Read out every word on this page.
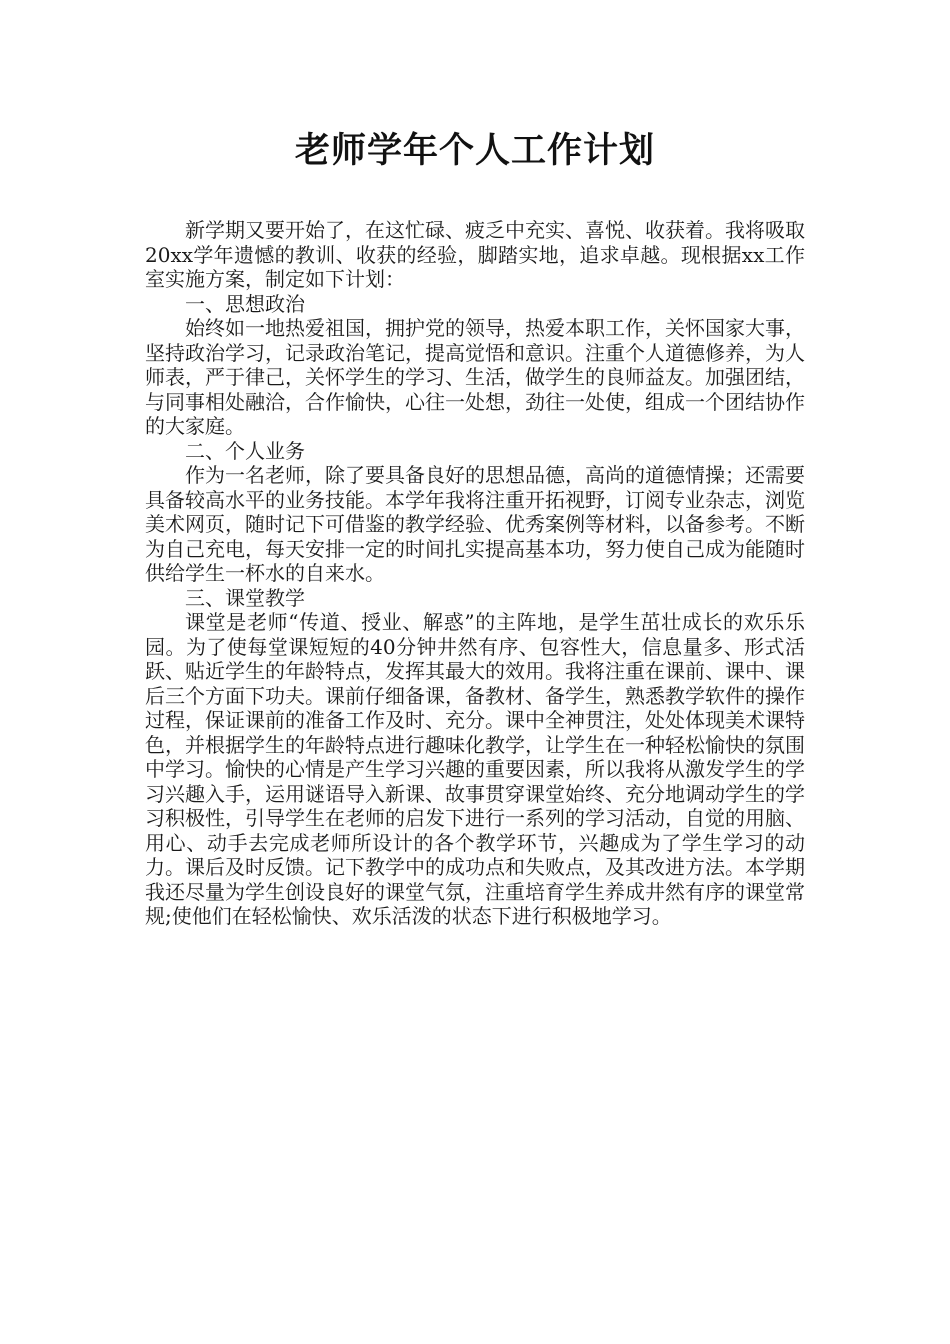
老师学年个人工作计划

新学期又要开始了，在这忙碌、疲乏中充实、喜悦、收获着。我将吸取20xx学年遗憾的教训、收获的经验，脚踏实地，追求卓越。现根据xx工作室实施方案，制定如下计划：

一、思想政治

始终如一地热爱祖国，拥护党的领导，热爱本职工作，关怀国家大事，坚持政治学习，记录政治笔记，提高觉悟和意识。注重个人道德修养，为人师表，严于律己，关怀学生的学习、生活，做学生的良师益友。加强团结，与同事相处融洽，合作愉快，心往一处想，劲往一处使，组成一个团结协作的大家庭。

二、个人业务

作为一名老师，除了要具备良好的思想品德，高尚的道德情操；还需要具备较高水平的业务技能。本学年我将注重开拓视野，订阅专业杂志，浏览美术网页，随时记下可借鉴的教学经验、优秀案例等材料，以备参考。不断为自己充电，每天安排一定的时间扎实提高基本功，努力使自己成为能随时供给学生一杯水的自来水。

三、课堂教学

课堂是老师“传道、授业、解惑”的主阵地，是学生茁壮成长的欢乐乐园。为了使每堂课短短的40分钟井然有序、包容性大，信息量多、形式活跃、贴近学生的年龄特点，发挥其最大的效用。我将注重在课前、课中、课后三个方面下功夫。课前仔细备课，备教材、备学生，熟悉教学软件的操作过程，保证课前的准备工作及时、充分。课中全神贯注，处处体现美术课特色，并根据学生的年龄特点进行趣味化教学，让学生在一种轻松愉快的氛围中学习。愉快的心情是产生学习兴趣的重要因素，所以我将从激发学生的学习兴趣入手，运用谜语导入新课、故事贯穿课堂始终、充分地调动学生的学习积极性，引导学生在老师的启发下进行一系列的学习活动，自觉的用脑、用心、动手去完成老师所设计的各个教学环节，兴趣成为了学生学习的动力。课后及时反馈。记下教学中的成功点和失败点，及其改进方法。本学期我还尽量为学生创设良好的课堂气氛，注重培育学生养成井然有序的课堂常规;使他们在轻松愉快、欢乐活泼的状态下进行积极地学习。
